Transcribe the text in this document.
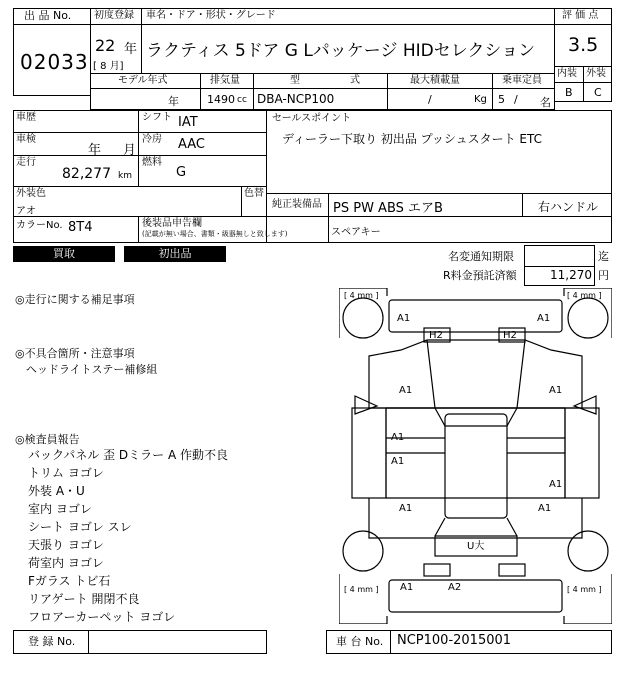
出 品 No.
02033
初度登録
22 年
[ 8 月]
車名・ドア・形状・グレード
ラクティス 5ドア G Lパッケージ HIDセレクション
評 価 点
3.5
内装 外装
B C
モデル年式
年
排気量
1490 cc
型	式
DBA-NCP100
最大積載量
/	Kg
乗車定員
5 / 名
車歴	シフト IAT
車検
年 月
冷房 AAC
走行
82,277 km
燃料
G
セールスポイント
ディーラー下取り 初出品 プッシュスタート ETC
外装色
アオ
色替
カラーNo. 8T4	後装品申告欄
(記載が無い場合、書類・級器無しと致します)
純正装備品 PS PW ABS エアB	右ハンドル
スペアキー
買取	初出品	名変通知期限	迄
R料金預託済額	11,270 円
◎走行に関する補足事項
◎不具合箇所・注意事項
ヘッドライトステー補修組
◎検査員報告
バックパネル 歪 Dミラー A 作動不良
トリム ヨゴレ
外装 A・U
室内 ヨゴレ
シート ヨゴレ スレ
天張り ヨゴレ
荷室内 ヨゴレ
Fガラス トビ石
リアゲート 開閉不良
フロアーカーペット ヨゴレ
[ 4 mm ]	[ 4 mm ]
[ 4 mm ]	[ 4 mm ]
A1	A1
H2	H2
A1	A1
A1
A1
A1
A1	A1
U大
A1	A2
登 録 No.	車 台 No. NCP100-2015001
